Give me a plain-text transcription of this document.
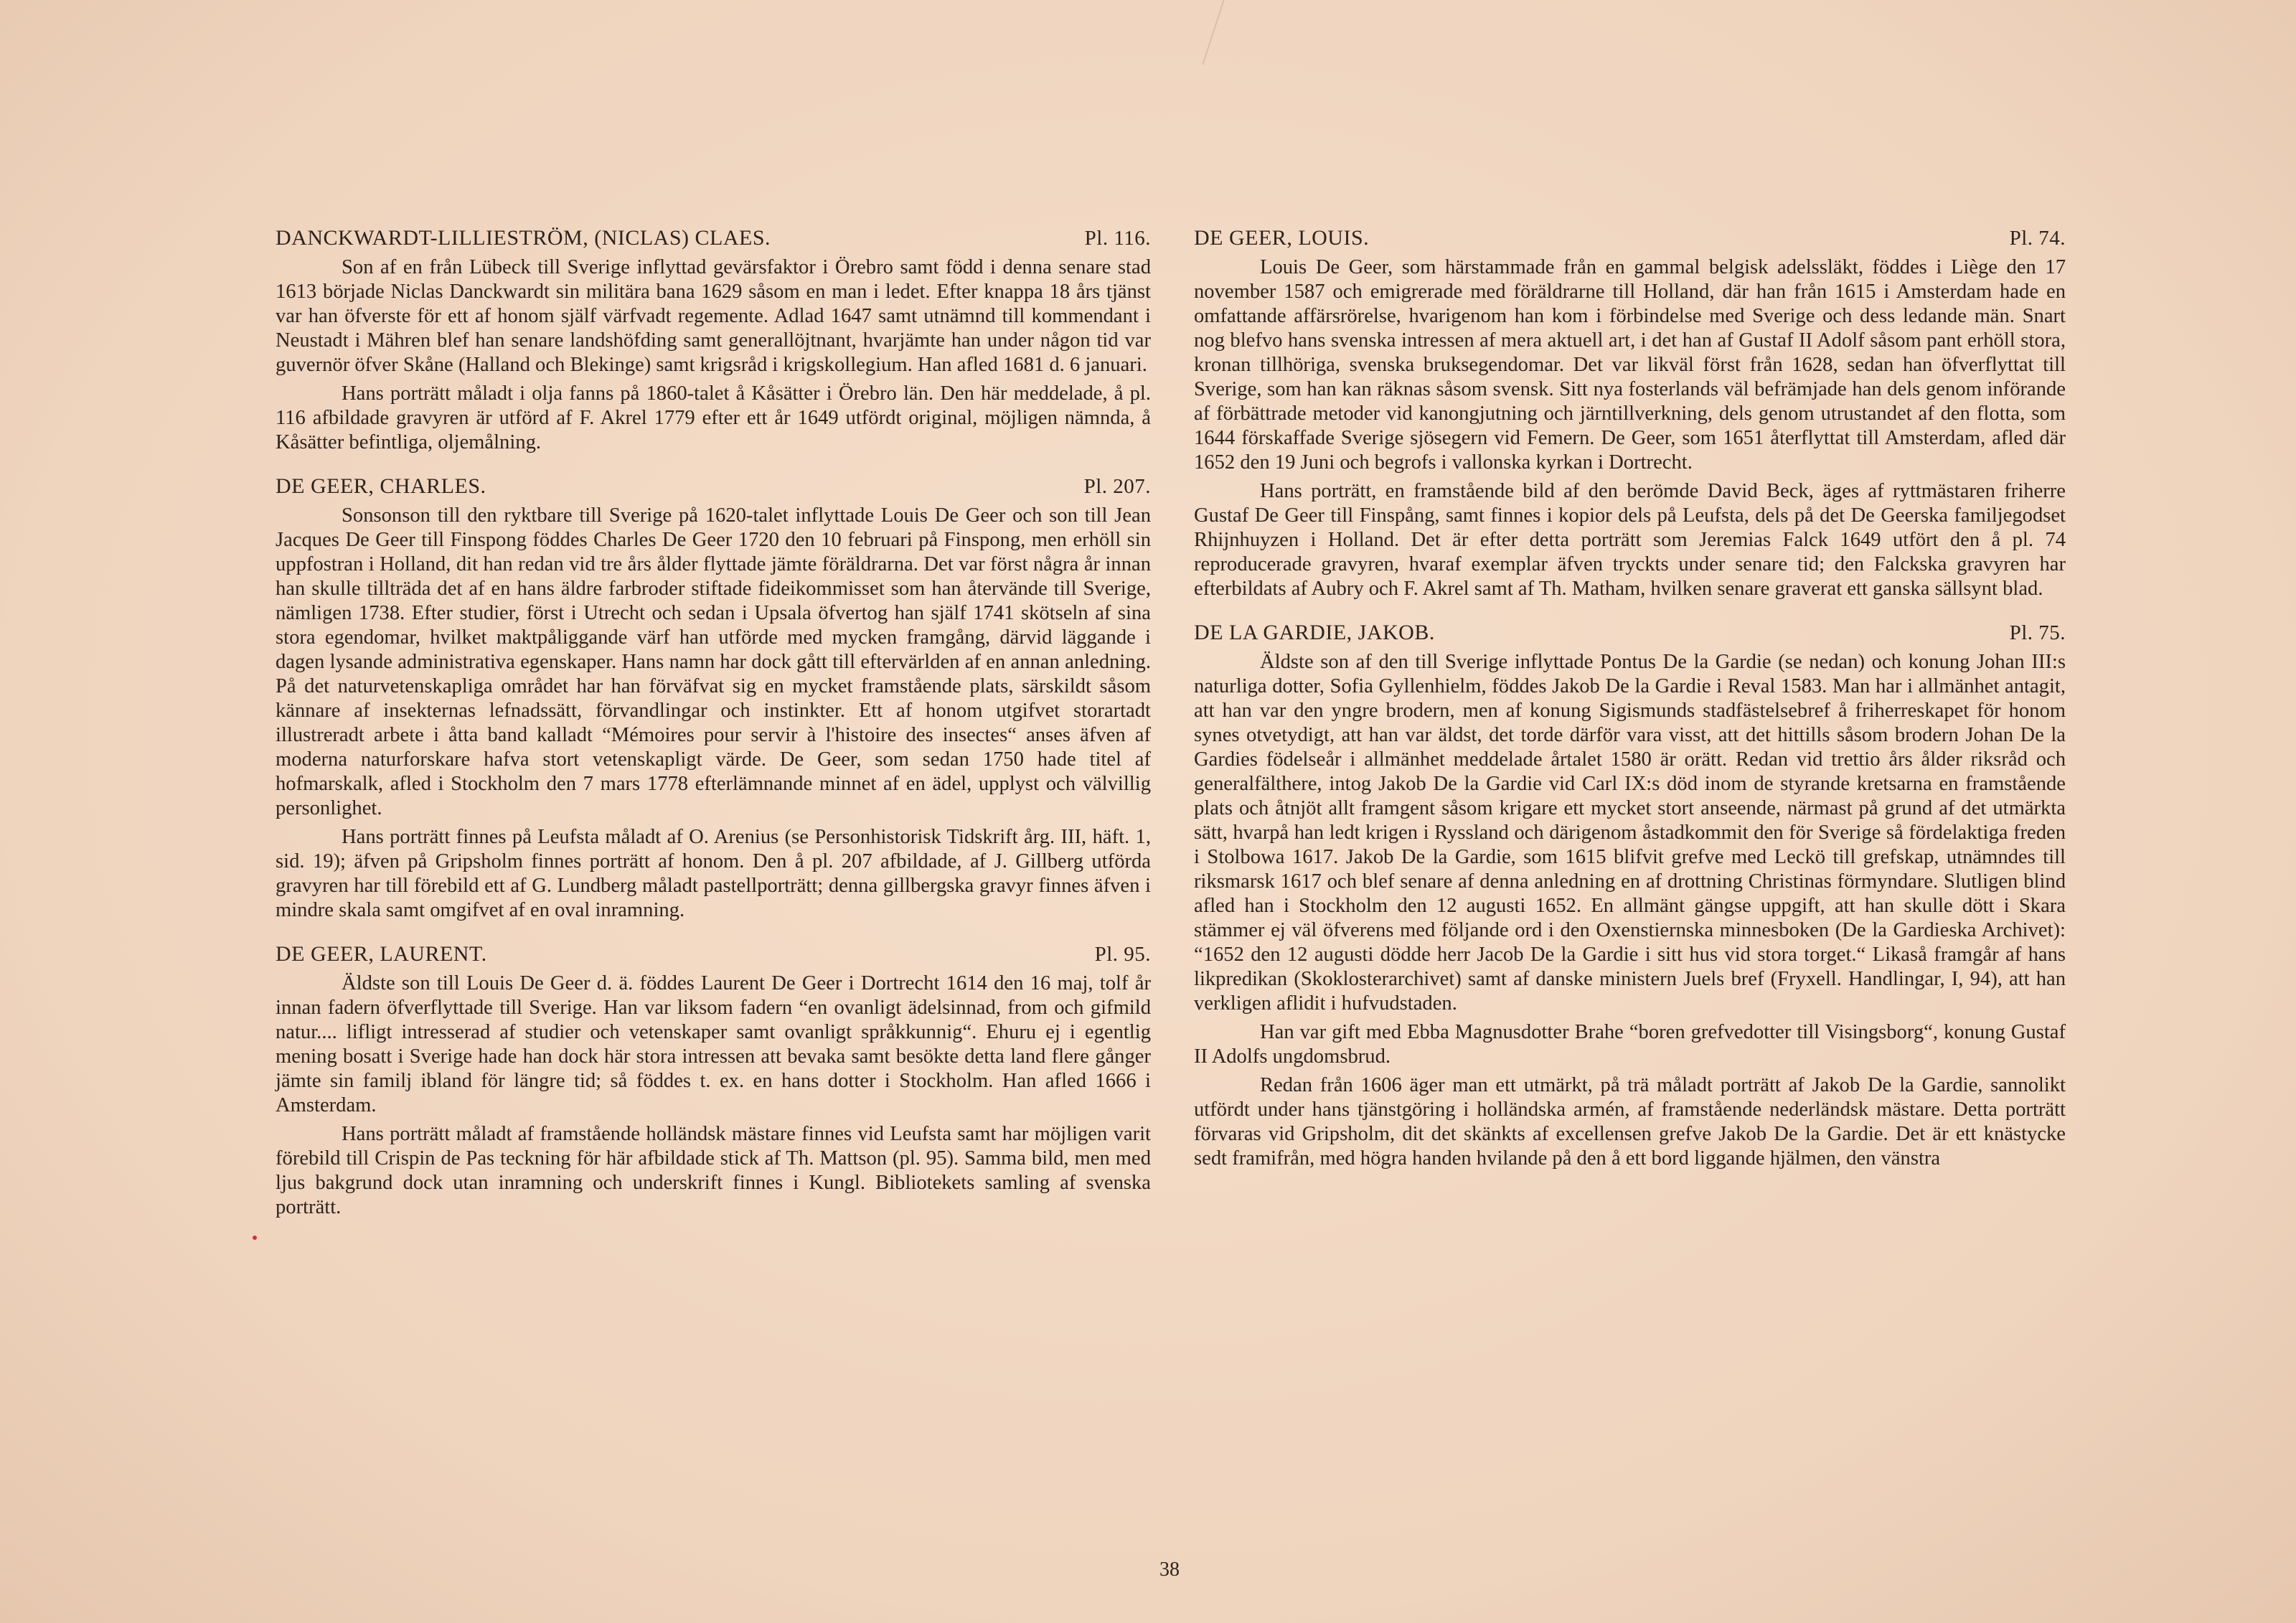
DANCKWARDT-LILLIESTRÖM, (NICLAS) CLAES.	Pl. 116.

Son af en från Lübeck till Sverige inflyttad gevärsfaktor i Örebro samt född i denna senare stad 1613 började Niclas Danckwardt sin militära bana 1629 såsom en man i ledet. Efter knappa 18 års tjänst var han öfverste för ett af honom själf värfvadt regemente. Adlad 1647 samt utnämnd till kommendant i Neustadt i Mähren blef han senare landshöfding samt generallöjtnant, hvarjämte han under någon tid var guvernör öfver Skåne (Halland och Blekinge) samt krigsråd i krigskollegium. Han afled 1681 d. 6 januari.

Hans porträtt måladt i olja fanns på 1860-talet å Kåsätter i Örebro län. Den här meddelade, å pl. 116 afbildade gravyren är utförd af F. Akrel 1779 efter ett år 1649 utfördt original, möjligen nämnda, å Kåsätter befintliga, oljemålning.

DE GEER, CHARLES.	Pl. 207.

Sonsonson till den ryktbare till Sverige på 1620-talet inflyttade Louis De Geer och son till Jean Jacques De Geer till Finspong föddes Charles De Geer 1720 den 10 februari på Finspong, men erhöll sin uppfostran i Holland, dit han redan vid tre års ålder flyttade jämte föräldrarna. Det var först några år innan han skulle tillträda det af en hans äldre farbroder stiftade fideikommisset som han återvände till Sverige, nämligen 1738. Efter studier, först i Utrecht och sedan i Upsala öfvertog han själf 1741 skötseln af sina stora egendomar, hvilket maktpåliggande värf han utförde med mycken framgång, därvid läggande i dagen lysande administrativa egenskaper. Hans namn har dock gått till eftervärlden af en annan anledning. På det naturvetenskapliga området har han förväfvat sig en mycket framstående plats, särskildt såsom kännare af insekternas lefnadssätt, förvandlingar och instinkter. Ett af honom utgifvet storartadt illustreradt arbete i åtta band kalladt “Mémoires pour servir à l'histoire des insectes“ anses äfven af moderna naturforskare hafva stort vetenskapligt värde. De Geer, som sedan 1750 hade titel af hofmarskalk, afled i Stockholm den 7 mars 1778 efterlämnande minnet af en ädel, upplyst och välvillig personlighet.

Hans porträtt finnes på Leufsta måladt af O. Arenius (se Personhistorisk Tidskrift årg. III, häft. 1, sid. 19); äfven på Gripsholm finnes porträtt af honom. Den å pl. 207 afbildade, af J. Gillberg utförda gravyren har till förebild ett af G. Lundberg måladt pastellporträtt; denna gillbergska gravyr finnes äfven i mindre skala samt omgifvet af en oval inramning.

DE GEER, LAURENT.	Pl. 95.

Äldste son till Louis De Geer d. ä. föddes Laurent De Geer i Dortrecht 1614 den 16 maj, tolf år innan fadern öfverflyttade till Sverige. Han var liksom fadern “en ovanligt ädelsinnad, from och gifmild natur.... lifligt intresserad af studier och vetenskaper samt ovanligt språkkunnig“. Ehuru ej i egentlig mening bosatt i Sverige hade han dock här stora intressen att bevaka samt besökte detta land flere gånger jämte sin familj ibland för längre tid; så föddes t. ex. en hans dotter i Stockholm. Han afled 1666 i Amsterdam.

Hans porträtt måladt af framstående holländsk mästare finnes vid Leufsta samt har möjligen varit förebild till Crispin de Pas teckning för här afbildade stick af Th. Mattson (pl. 95). Samma bild, men med ljus bakgrund dock utan inramning och underskrift finnes i Kungl. Bibliotekets samling af svenska porträtt.

DE GEER, LOUIS.	Pl. 74.

Louis De Geer, som härstammade från en gammal belgisk adelssläkt, föddes i Liège den 17 november 1587 och emigrerade med föräldrarne till Holland, där han från 1615 i Amsterdam hade en omfattande affärsrörelse, hvarigenom han kom i förbindelse med Sverige och dess ledande män. Snart nog blefvo hans svenska intressen af mera aktuell art, i det han af Gustaf II Adolf såsom pant erhöll stora, kronan tillhöriga, svenska bruksegendomar. Det var likväl först från 1628, sedan han öfverflyttat till Sverige, som han kan räknas såsom svensk. Sitt nya fosterlands väl befrämjade han dels genom införande af förbättrade metoder vid kanongjutning och järntillverkning, dels genom utrustandet af den flotta, som 1644 förskaffade Sverige sjösegern vid Femern. De Geer, som 1651 återflyttat till Amsterdam, afled där 1652 den 19 Juni och begrofs i vallonska kyrkan i Dortrecht.

Hans porträtt, en framstående bild af den berömde David Beck, äges af ryttmästaren friherre Gustaf De Geer till Finspång, samt finnes i kopior dels på Leufsta, dels på det De Geerska familjegodset Rhijnhuyzen i Holland. Det är efter detta porträtt som Jeremias Falck 1649 utfört den å pl. 74 reproducerade gravyren, hvaraf exemplar äfven tryckts under senare tid; den Falckska gravyren har efterbildats af Aubry och F. Akrel samt af Th. Matham, hvilken senare graverat ett ganska sällsynt blad.

DE LA GARDIE, JAKOB.	Pl. 75.

Äldste son af den till Sverige inflyttade Pontus De la Gardie (se nedan) och konung Johan III:s naturliga dotter, Sofia Gyllenhielm, föddes Jakob De la Gardie i Reval 1583. Man har i allmänhet antagit, att han var den yngre brodern, men af konung Sigismunds stadfästelsebref å friherreskapet för honom synes otvetydigt, att han var äldst, det torde därför vara visst, att det hittills såsom brodern Johan De la Gardies födelseår i allmänhet meddelade årtalet 1580 är orätt. Redan vid trettio års ålder riksråd och generalfälthere, intog Jakob De la Gardie vid Carl IX:s död inom de styrande kretsarna en framstående plats och åtnjöt allt framgent såsom krigare ett mycket stort anseende, närmast på grund af det utmärkta sätt, hvarpå han ledt krigen i Ryssland och därigenom åstadkommit den för Sverige så fördelaktiga freden i Stolbowa 1617. Jakob De la Gardie, som 1615 blifvit grefve med Leckö till grefskap, utnämndes till riksmarsk 1617 och blef senare af denna anledning en af drottning Christinas förmyndare. Slutligen blind afled han i Stockholm den 12 augusti 1652. En allmänt gängse uppgift, att han skulle dött i Skara stämmer ej väl öfverens med följande ord i den Oxenstiernska minnesboken (De la Gardieska Archivet): “1652 den 12 augusti dödde herr Jacob De la Gardie i sitt hus vid stora torget.“ Likaså framgår af hans likpredikan (Skoklosterarchivet) samt af danske ministern Juels bref (Fryxell. Handlingar, I, 94), att han verkligen aflidit i hufvudstaden.

Han var gift med Ebba Magnusdotter Brahe “boren grefvedotter till Visingsborg“, konung Gustaf II Adolfs ungdomsbrud.

Redan från 1606 äger man ett utmärkt, på trä måladt porträtt af Jakob De la Gardie, sannolikt utfördt under hans tjänstgöring i holländska armén, af framstående nederländsk mästare. Detta porträtt förvaras vid Gripsholm, dit det skänkts af excellensen grefve Jakob De la Gardie. Det är ett knästycke sedt framifrån, med högra handen hvilande på den å ett bord liggande hjälmen, den vänstra

38
